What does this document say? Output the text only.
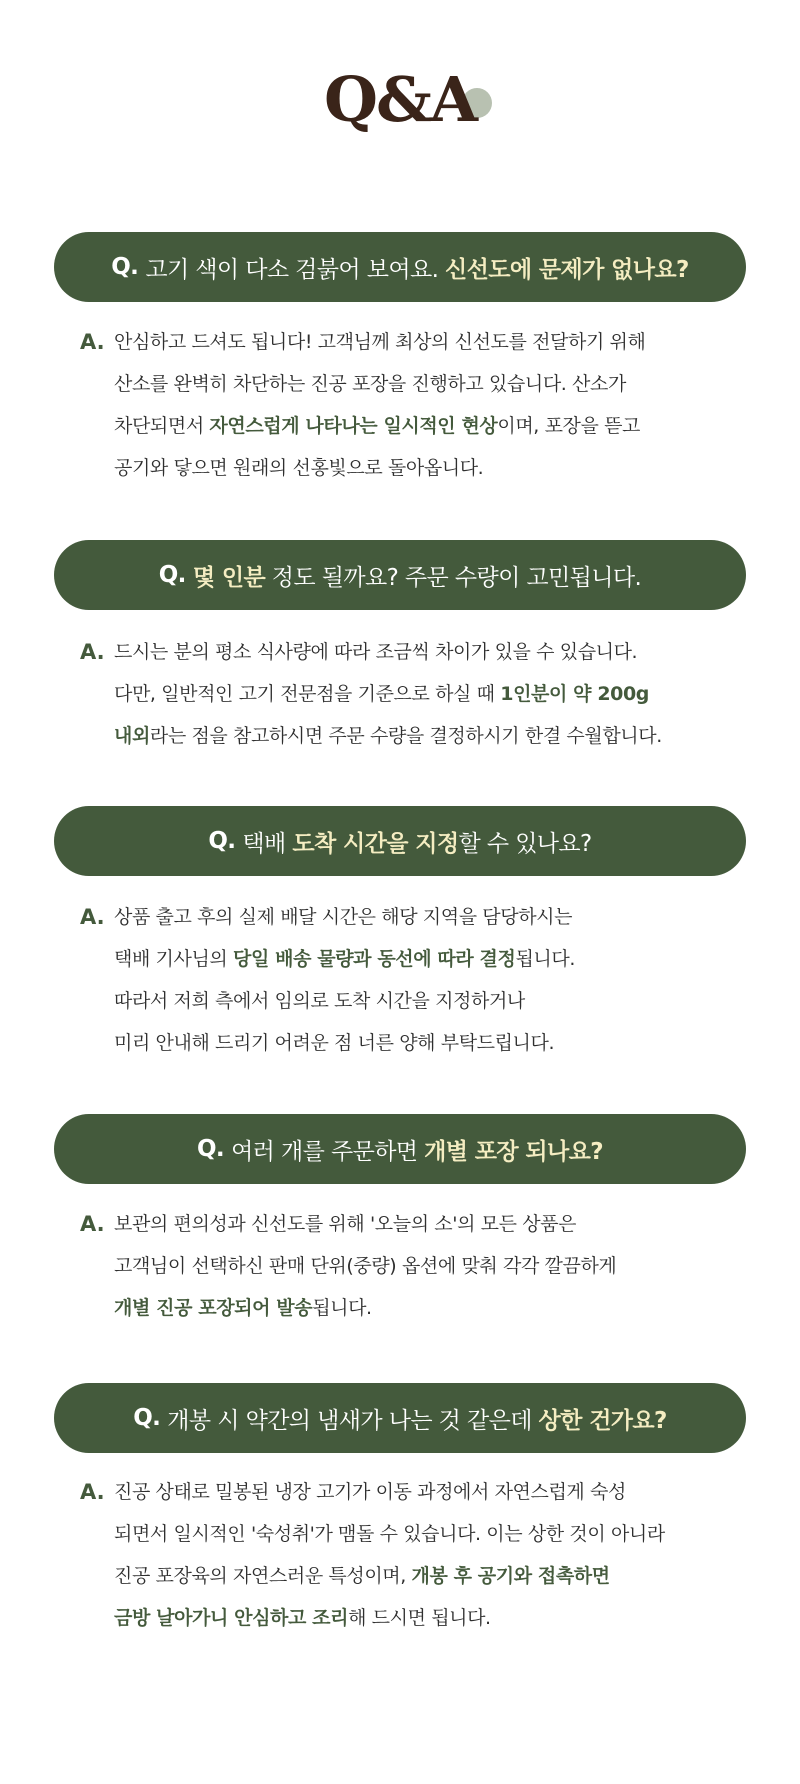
Q&A
Q. 고기 색이 다소 검붉어 보여요. 신선도에 문제가 없나요?
A. 안심하고 드셔도 됩니다! 고객님께 최상의 신선도를 전달하기 위해
산소를 완벽히 차단하는 진공 포장을 진행하고 있습니다. 산소가
차단되면서 자연스럽게 나타나는 일시적인 현상이며, 포장을 뜯고
공기와 닿으면 원래의 선홍빛으로 돌아옵니다.
Q. 몇 인분 정도 될까요? 주문 수량이 고민됩니다.
A. 드시는 분의 평소 식사량에 따라 조금씩 차이가 있을 수 있습니다.
다만, 일반적인 고기 전문점을 기준으로 하실 때 1인분이 약 200g
내외라는 점을 참고하시면 주문 수량을 결정하시기 한결 수월합니다.
Q. 택배 도착 시간을 지정할 수 있나요?
A. 상품 출고 후의 실제 배달 시간은 해당 지역을 담당하시는
택배 기사님의 당일 배송 물량과 동선에 따라 결정됩니다.
따라서 저희 측에서 임의로 도착 시간을 지정하거나
미리 안내해 드리기 어려운 점 너른 양해 부탁드립니다.
Q. 여러 개를 주문하면 개별 포장 되나요?
A. 보관의 편의성과 신선도를 위해 '오늘의 소'의 모든 상품은
고객님이 선택하신 판매 단위(중량) 옵션에 맞춰 각각 깔끔하게
개별 진공 포장되어 발송됩니다.
Q. 개봉 시 약간의 냄새가 나는 것 같은데 상한 건가요?
A. 진공 상태로 밀봉된 냉장 고기가 이동 과정에서 자연스럽게 숙성
되면서 일시적인 '숙성취'가 맴돌 수 있습니다. 이는 상한 것이 아니라
진공 포장육의 자연스러운 특성이며, 개봉 후 공기와 접촉하면
금방 날아가니 안심하고 조리해 드시면 됩니다.
